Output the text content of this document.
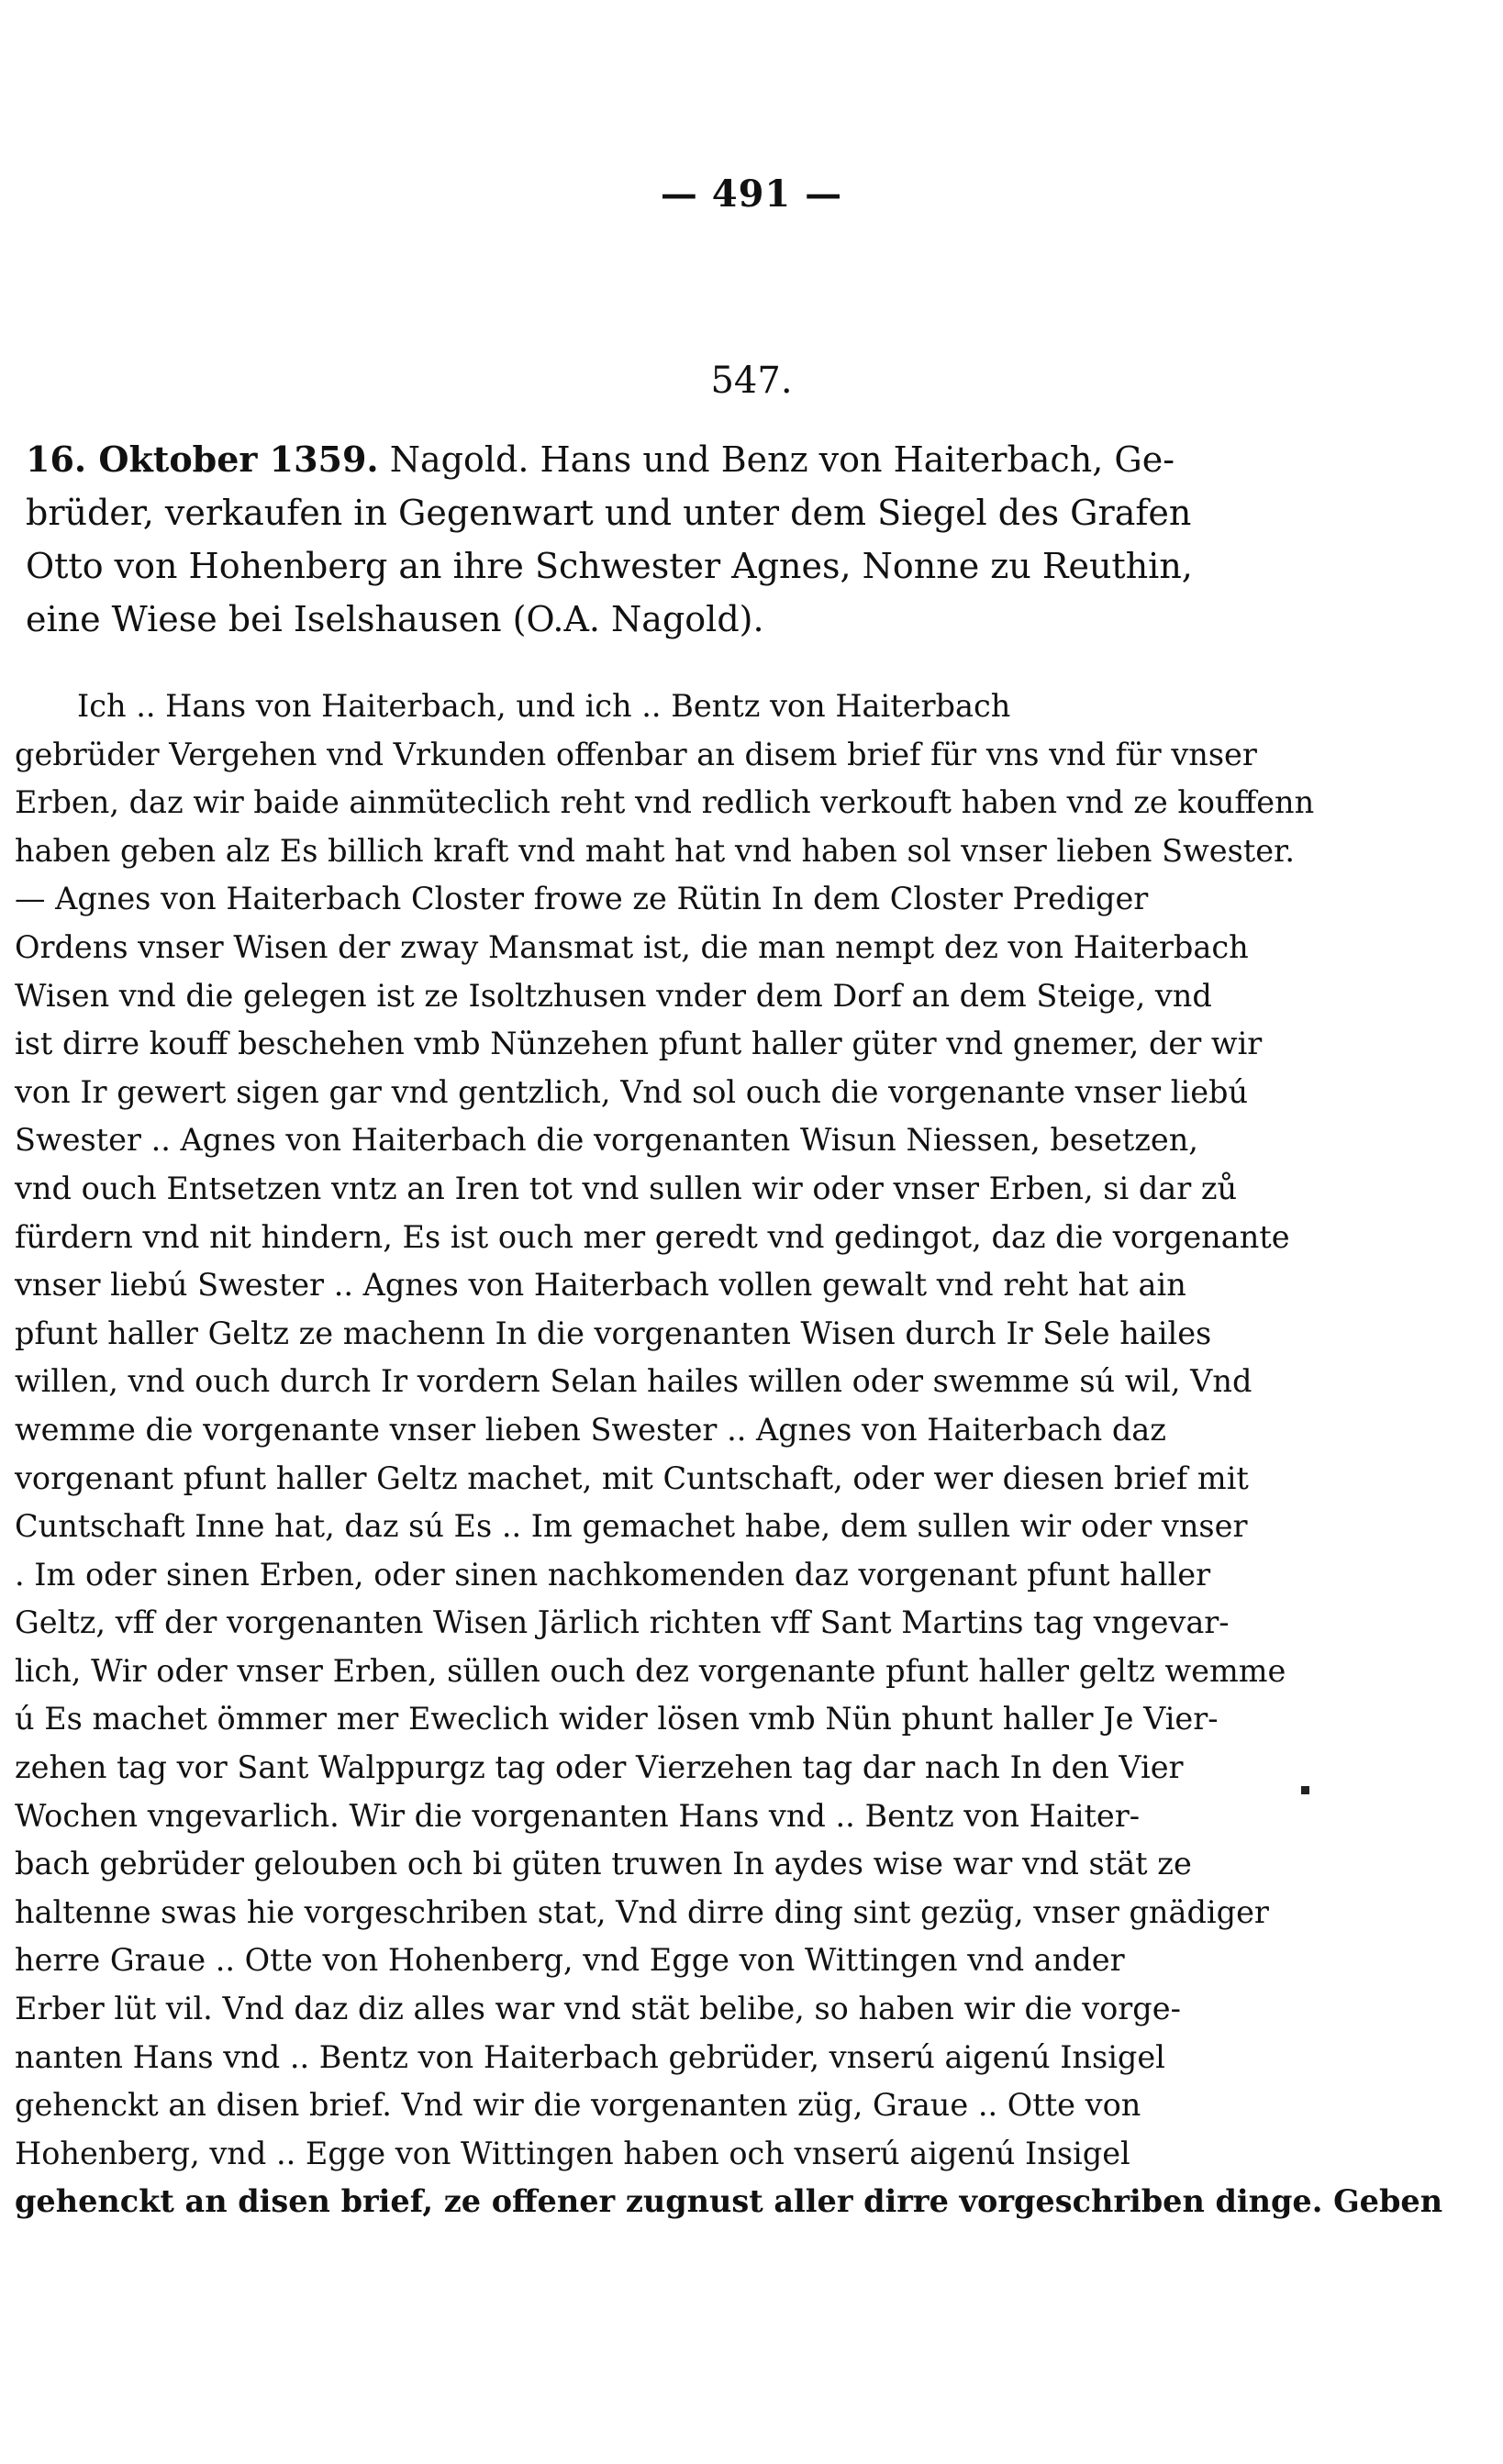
— 491 —
547.
16. Oktober 1359. Nagold. Hans und Benz von Haiterbach, Ge-
brüder, verkaufen in Gegenwart und unter dem Siegel des Grafen
Otto von Hohenberg an ihre Schwester Agnes, Nonne zu Reuthin,
eine Wiese bei Iselshausen (O.A. Nagold).
Ich .. Hans von Haiterbach, und ich .. Bentz von Haiterbach
gebrüder Vergehen vnd Vrkunden offenbar an disem brief für vns vnd für vnser
Erben, daz wir baide ainmüteclich reht vnd redlich verkouft haben vnd ze kouffenn
haben geben alz Es billich kraft vnd maht hat vnd haben sol vnser lieben Swester.
— Agnes von Haiterbach Closter frowe ze Rütin In dem Closter Prediger
Ordens vnser Wisen der zway Mansmat ist, die man nempt dez von Haiterbach
Wisen vnd die gelegen ist ze Isoltzhusen vnder dem Dorf an dem Steige, vnd
ist dirre kouff beschehen vmb Nünzehen pfunt haller güter vnd gnemer, der wir
von Ir gewert sigen gar vnd gentzlich, Vnd sol ouch die vorgenante vnser liebú
Swester .. Agnes von Haiterbach die vorgenanten Wisun Niessen, besetzen,
vnd ouch Entsetzen vntz an Iren tot vnd sullen wir oder vnser Erben, si dar zů
fürdern vnd nit hindern, Es ist ouch mer geredt vnd gedingot, daz die vorgenante
vnser liebú Swester .. Agnes von Haiterbach vollen gewalt vnd reht hat ain
pfunt haller Geltz ze machenn In die vorgenanten Wisen durch Ir Sele hailes
willen, vnd ouch durch Ir vordern Selan hailes willen oder swemme sú wil, Vnd
wemme die vorgenante vnser lieben Swester .. Agnes von Haiterbach daz
vorgenant pfunt haller Geltz machet, mit Cuntschaft, oder wer diesen brief mit
Cuntschaft Inne hat, daz sú Es .. Im gemachet habe, dem sullen wir oder vnser
. Im oder sinen Erben, oder sinen nachkomenden daz vorgenant pfunt haller
Geltz, vff der vorgenanten Wisen Järlich richten vff Sant Martins tag vngevar-
lich, Wir oder vnser Erben, süllen ouch dez vorgenante pfunt haller geltz wemme
ú Es machet ömmer mer Eweclich wider lösen vmb Nün phunt haller Je Vier-
zehen tag vor Sant Walppurgz tag oder Vierzehen tag dar nach In den Vier
Wochen vngevarlich. Wir die vorgenanten Hans vnd .. Bentz von Haiter-
bach gebrüder gelouben och bi güten truwen In aydes wise war vnd stät ze
haltenne swas hie vorgeschriben stat, Vnd dirre ding sint gezüg, vnser gnädiger
herre Graue .. Otte von Hohenberg, vnd Egge von Wittingen vnd ander
Erber lüt vil. Vnd daz diz alles war vnd stät belibe, so haben wir die vorge-
nanten Hans vnd .. Bentz von Haiterbach gebrüder, vnserú aigenú Insigel
gehenckt an disen brief. Vnd wir die vorgenanten züg, Graue .. Otte von
Hohenberg, vnd .. Egge von Wittingen haben och vnserú aigenú Insigel
gehenckt an disen brief, ze offener zugnust aller dirre vorgeschriben dinge. Geben
